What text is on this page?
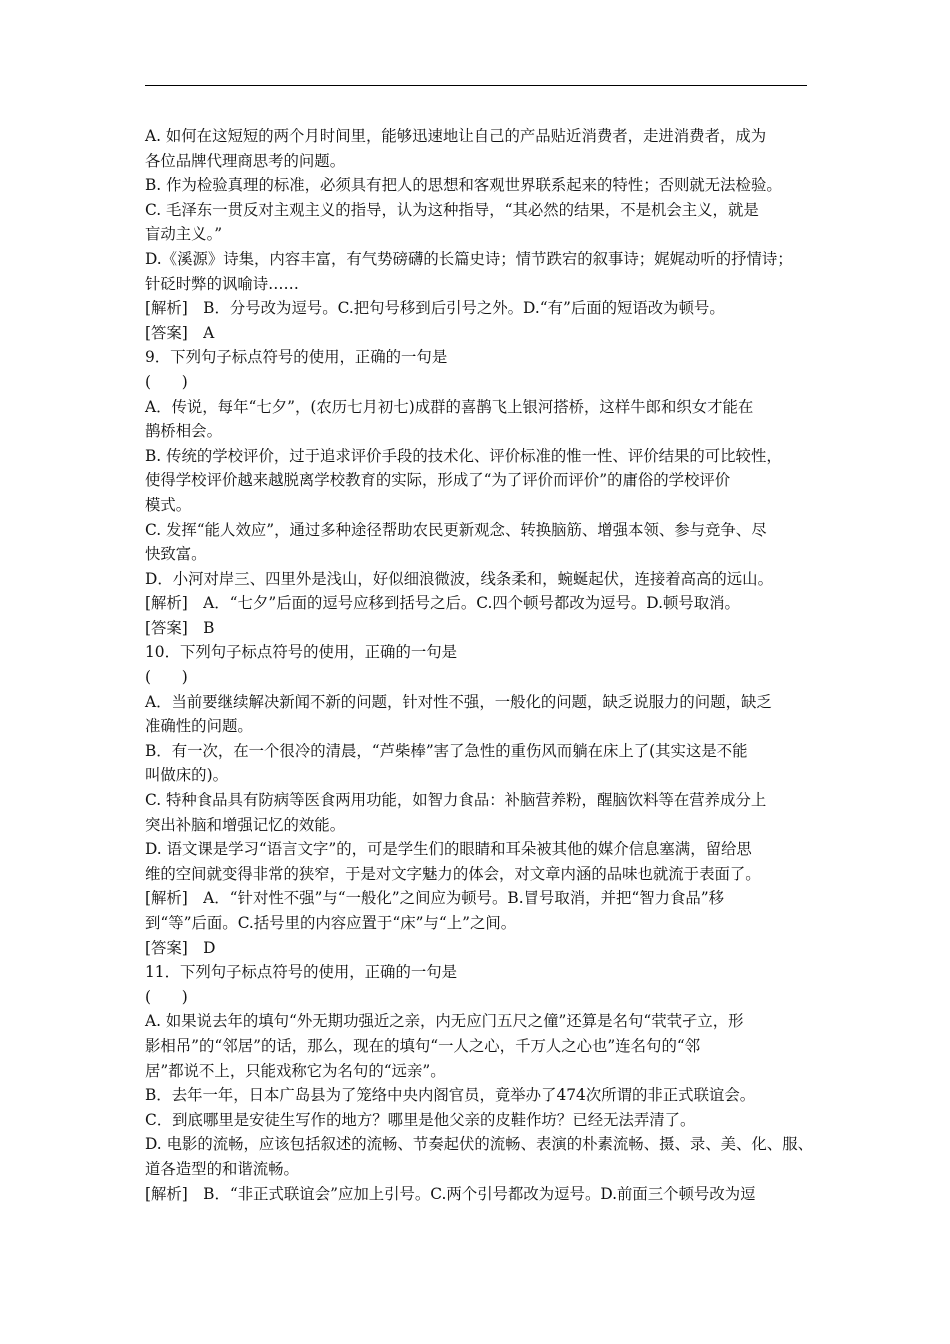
A. 如何在这短短的两个月时间里，能够迅速地让自己的产品贴近消费者，走进消费者，成为
各位品牌代理商思考的问题。
B. 作为检验真理的标准，必须具有把人的思想和客观世界联系起来的特性；否则就无法检验。
C. 毛泽东一贯反对主观主义的指导，认为这种指导，“其必然的结果，不是机会主义，就是
盲动主义。”
D.《溪源》诗集，内容丰富，有气势磅礴的长篇史诗；情节跌宕的叙事诗；娓娓动听的抒情诗；
针砭时弊的讽喻诗……
[解析]　B．分号改为逗号。C.把句号移到后引号之外。D.“有”后面的短语改为顿号。
[答案]　A
9．下列句子标点符号的使用，正确的一句是
(　　)
A．传说，每年“七夕”，(农历七月初七)成群的喜鹊飞上银河搭桥，这样牛郎和织女才能在
鹊桥相会。
B. 传统的学校评价，过于追求评价手段的技术化、评价标准的惟一性、评价结果的可比较性，
使得学校评价越来越脱离学校教育的实际，形成了“为了评价而评价”的庸俗的学校评价
模式。
C. 发挥“能人效应”，通过多种途径帮助农民更新观念、转换脑筋、增强本领、参与竞争、尽
快致富。
D．小河对岸三、四里外是浅山，好似细浪微波，线条柔和，蜿蜒起伏，连接着高高的远山。
[解析]　A．“七夕”后面的逗号应移到括号之后。C.四个顿号都改为逗号。D.顿号取消。
[答案]　B
10．下列句子标点符号的使用，正确的一句是
(　　)
A．当前要继续解决新闻不新的问题，针对性不强，一般化的问题，缺乏说服力的问题，缺乏
准确性的问题。
B．有一次，在一个很冷的清晨，“芦柴棒”害了急性的重伤风而躺在床上了(其实这是不能
叫做床的)。
C. 特种食品具有防病等医食两用功能，如智力食品：补脑营养粉，醒脑饮料等在营养成分上
突出补脑和增强记忆的效能。
D. 语文课是学习“语言文字”的，可是学生们的眼睛和耳朵被其他的媒介信息塞满，留给思
维的空间就变得非常的狭窄，于是对文字魅力的体会，对文章内涵的品味也就流于表面了。
[解析]　A．“针对性不强”与“一般化”之间应为顿号。B.冒号取消，并把“智力食品”移
到“等”后面。C.括号里的内容应置于“床”与“上”之间。
[答案]　D
11．下列句子标点符号的使用，正确的一句是
(　　)
A. 如果说去年的填句“外无期功强近之亲，内无应门五尺之僮”还算是名句“茕茕孑立，形
影相吊”的“邻居”的话，那么，现在的填句“一人之心，千万人之心也”连名句的“邻
居”都说不上，只能戏称它为名句的“远亲”。
B．去年一年，日本广岛县为了笼络中央内阁官员，竟举办了474次所谓的非正式联谊会。
C．到底哪里是安徒生写作的地方？哪里是他父亲的皮鞋作坊？已经无法弄清了。
D. 电影的流畅，应该包括叙述的流畅、节奏起伏的流畅、表演的朴素流畅、摄、录、美、化、服、
道各造型的和谐流畅。
[解析]　B．“非正式联谊会”应加上引号。C.两个引号都改为逗号。D.前面三个顿号改为逗
